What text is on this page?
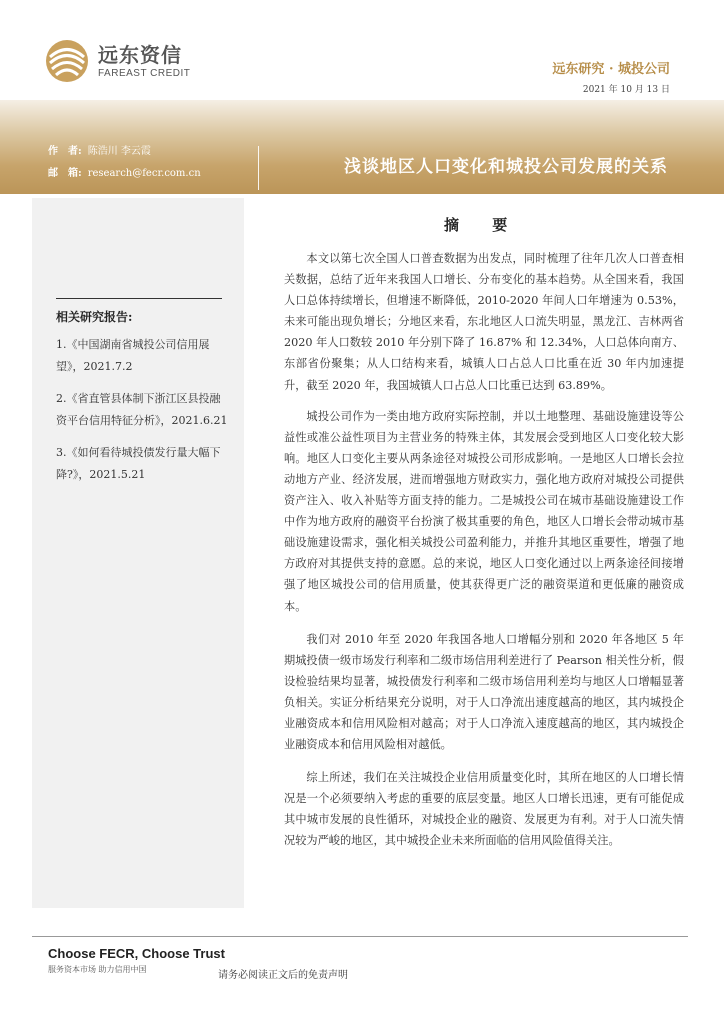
远东资信
FAREAST CREDIT	远东研究 · 城投公司
2021 年 10 月 13 日
作　者: 陈浩川 李云霞
邮　箱: research@fecr.com.cn	浅谈地区人口变化和城投公司发展的关系
相关研究报告:
1.《中国湖南省城投公司信用展望》，2021.7.2
2.《省直管县体制下浙江区县投融资平台信用特征分析》，2021.6.21
3.《如何看待城投债发行量大幅下降?》，2021.5.21
摘 要

本文以第七次全国人口普查数据为出发点，同时梳理了往年几次人口普查相关数据，总结了近年来我国人口增长、分布变化的基本趋势。从全国来看，我国人口总体持续增长，但增速不断降低，2010-2020 年间人口年增速为 0.53%，未来可能出现负增长；分地区来看，东北地区人口流失明显，黑龙江、吉林两省 2020 年人口数较 2010 年分别下降了 16.87% 和 12.34%，人口总体向南方、东部省份聚集；从人口结构来看，城镇人口占总人口比重在近 30 年内加速提升，截至 2020 年，我国城镇人口占总人口比重已达到 63.89%。

城投公司作为一类由地方政府实际控制，并以土地整理、基础设施建设等公益性或准公益性项目为主营业务的特殊主体，其发展会受到地区人口变化较大影响。地区人口变化主要从两条途径对城投公司形成影响。一是地区人口增长会拉动地方产业、经济发展，进而增强地方财政实力，强化地方政府对城投公司提供资产注入、收入补贴等方面支持的能力。二是城投公司在城市基础设施建设工作中作为地方政府的融资平台扮演了极其重要的角色，地区人口增长会带动城市基础设施建设需求，强化相关城投公司盈利能力，并推升其地区重要性，增强了地方政府对其提供支持的意愿。总的来说，地区人口变化通过以上两条途径间接增强了地区城投公司的信用质量，使其获得更广泛的融资渠道和更低廉的融资成本。

我们对 2010 年至 2020 年我国各地人口增幅分别和 2020 年各地区 5 年期城投债一级市场发行利率和二级市场信用利差进行了 Pearson 相关性分析，假设检验结果均显著，城投债发行利率和二级市场信用利差均与地区人口增幅显著负相关。实证分析结果充分说明，对于人口净流出速度越高的地区，其内城投企业融资成本和信用风险相对越高；对于人口净流入速度越高的地区，其内城投企业融资成本和信用风险相对越低。

综上所述，我们在关注城投企业信用质量变化时，其所在地区的人口增长情况是一个必须要纳入考虑的重要的底层变量。地区人口增长迅速，更有可能促成其中城市发展的良性循环，对城投企业的融资、发展更为有利。对于人口流失情况较为严峻的地区，其中城投企业未来所面临的信用风险值得关注。

Choose FECR, Choose Trust
服务资本市场 助力信用中国
请务必阅读正文后的免责声明
